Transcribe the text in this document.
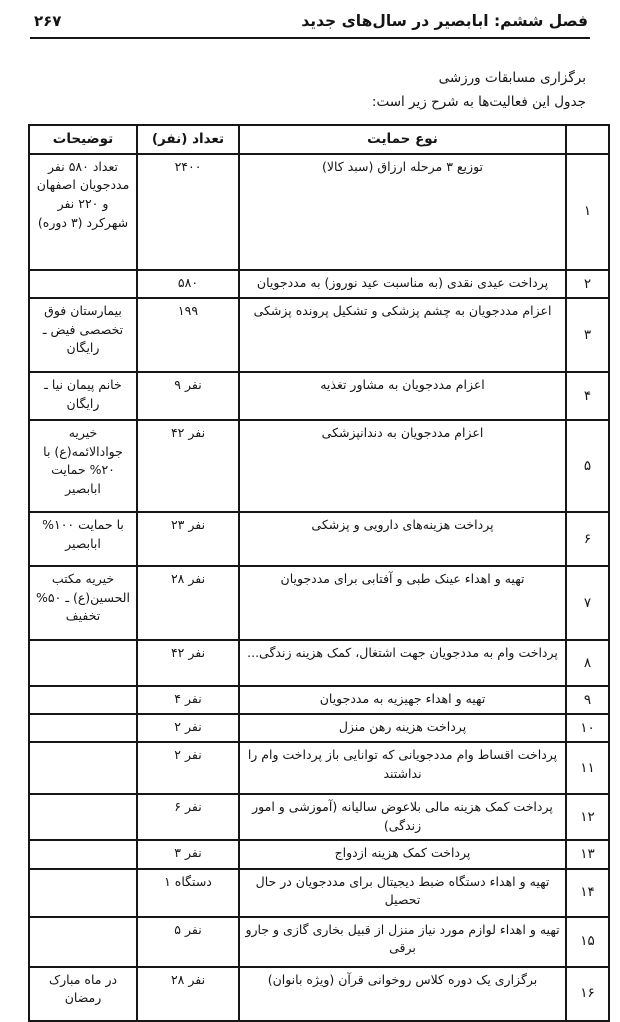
۲۶۷	فصل ششم: ابابصیر در سال‌های جدید

برگزاری مسابقات ورزشی

جدول این فعالیت‌ها به شرح زیر است:

	نوع حمایت	تعداد (نفر)	توضیحات
۱	توزیع ۳ مرحله ارزاق (سبد کالا)	۲۴۰۰	تعداد ۵۸۰ نفر مددجویان اصفهان و ۲۲۰ نفر شهرکرد (۳ دوره)
۲	پرداخت عیدی نقدی (به مناسبت عید نوروز) به مددجویان	۵۸۰	
۳	اعزام مددجویان به چشم پزشکی و تشکیل پرونده پزشکی	۱۹۹	بیمارستان فوق تخصصی فیض ـ رایگان
۴	اعزام مددجویان به مشاور تغذیه	۹ نفر	خانم پیمان نیا ـ رایگان
۵	اعزام مددجویان به دندانپزشکی	۴۲ نفر	خیریه جوادالائمه(ع) با ۲۰% حمایت ابابصیر
۶	پرداخت هزینه‌های دارویی و پزشکی	۲۳ نفر	با حمایت ۱۰۰% ابابصیر
۷	تهیه و اهداء عینک طبی و آفتابی برای مددجویان	۲۸ نفر	خیریه مکتب الحسین(ع) ـ ۵۰% تخفیف
۸	پرداخت وام به مددجویان جهت اشتغال، کمک هزینه زندگی...	۴۲ نفر	
۹	تهیه و اهداء جهیزیه به مددجویان	۴ نفر	
۱۰	پرداخت هزینه رهن منزل	۲ نفر	
۱۱	پرداخت اقساط وام مددجویانی که توانایی باز پرداخت وام را نداشتند	۲ نفر	
۱۲	پرداخت کمک هزینه مالی بلاعوض سالیانه (آموزشی و امور زندگی)	۶ نفر	
۱۳	پرداخت کمک هزینه ازدواج	۳ نفر	
۱۴	تهیه و اهداء دستگاه ضبط دیجیتال برای مددجویان در حال تحصیل	۱ دستگاه	
۱۵	تهیه و اهداء لوازم مورد نیاز منزل از قبیل بخاری گازی و جارو برقی	۵ نفر	
۱۶	برگزاری یک دوره کلاس روخوانی قرآن (ویژه بانوان)	۲۸ نفر	در ماه مبارک رمضان
